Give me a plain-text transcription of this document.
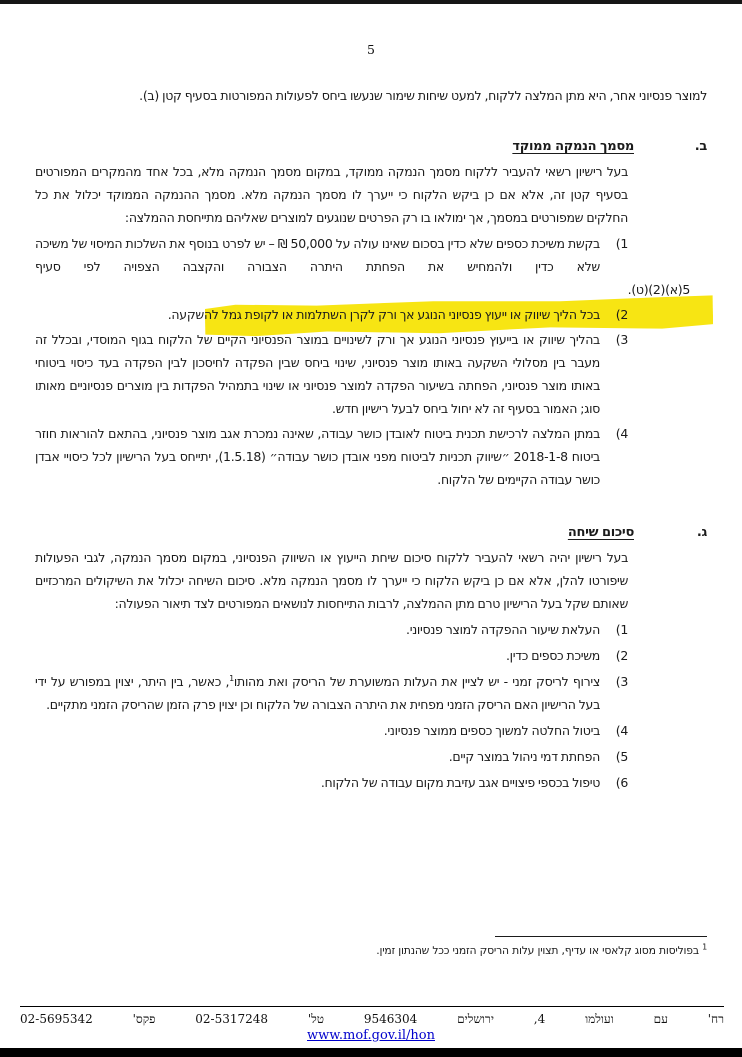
5
למוצר פנסיוני אחר, היא מתן המלצה ללקוח, למעט שיחות שימור שנעשו ביחס לפעולות המפורטות בסעיף קטן (ב).
ב.
מסמך הנמקה ממוקד
בעל רישיון רשאי להעביר ללקוח מסמך הנמקה ממוקד, במקום מסמך הנמקה מלא, בכל אחד מהמקרים המפורטים בסעיף קטן זה, אלא אם כן ביקש הלקוח כי ייערך לו מסמך הנמקה מלא. מסמך ההנמקה הממוקד יכלול את כל החלקים שמפורטים במסמך, אך ימולאו בו רק הפרטים שנוגעים למוצרים שאליהם מתייחסת ההמלצה:
1)
בקשת משיכת כספים שלא כדין בסכום שאינו עולה על 50,000 ₪ – יש לפרט בנוסף את השלכות המיסוי של משיכה שלא כדין ולהמחיש את הפחתת היתרה הצבורה והקצבה הצפויה לפי סעיף
5(א)(2)(ט).
2)
בכל הליך שיווק או ייעוץ פנסיוני הנוגע אך ורק לקרן השתלמות או לקופת גמל להשקעה.
3)
בהליך שיווק או בייעוץ פנסיוני הנוגע אך ורק לשינויים במוצר הפנסיוני הקיים של הלקוח בגוף המוסדי, ובכלל זה מעבר בין מסלולי השקעה באותו מוצר פנסיוני, שינוי ביחס שבין הפקדה לחיסכון לבין הפקדה בעד כיסוי ביטוחי באותו מוצר פנסיוני, הפחתה בשיעור הפקדה למוצר פנסיוני או שינוי בתמהיל הפקדות בין מוצרים פנסיוניים מאותו סוג; האמור בסעיף זה לא יחול ביחס לבעל רישיון חדש.
4)
במתן המלצה לרכישת תכנית ביטוח לאובדן כושר עבודה, שאינה נמכרת אגב מוצר פנסיוני, בהתאם להוראות חוזר ביטוח 2018-1-8 ״שיווק תכניות לביטוח מפני אובדן כושר עבודה״ (1.5.18), יתייחס בעל הרישיון לכל כיסויי אבדן כושר עבודה הקיימים של הלקוח.
ג.
סיכום שיחה
בעל רישיון יהיה רשאי להעביר ללקוח סיכום שיחת הייעוץ או השיווק הפנסיוני, במקום מסמך הנמקה, לגבי הפעולות שיפורטו להלן, אלא אם כן ביקש הלקוח כי ייערך לו מסמך הנמקה מלא. סיכום השיחה יכלול את השיקולים המרכזיים שאותם שקל בעל הרישיון טרם מתן ההמלצה, לרבות התייחסות לנושאים המפורטים לצד תיאור הפעולה:
1)
העלאת שיעור ההפקדה למוצר פנסיוני.
2)
משיכת כספים כדין.
3)
צירוף לריסק זמני - יש לציין את העלות המשוערת של הריסק ואת מהותו$^1$, כאשר, בין היתר, יצוין במפורש על ידי בעל הרישיון האם הריסק הזמני מפחית את היתרה הצבורה של הלקוח וכן יצוין פרק הזמן שהריסק הזמני מתקיים.
4)
ביטול החלטה למשוך כספים ממוצר פנסיוני.
5)
הפחתת דמי ניהול במוצר קיים.
6)
טיפול בכספי פיצויים אגב עזיבת מקום עבודה של הלקוח.
$^1$ בפוליסות מסוג קלאסי או עדיף, תצוין עלות הריסק הזמני ככל שהנתון זמין.
רח'
עם
ועולמו
4,
ירושלים
9546304
טל'
02-5317248
פקס'
02-5695342
www.mof.gov.il/hon
